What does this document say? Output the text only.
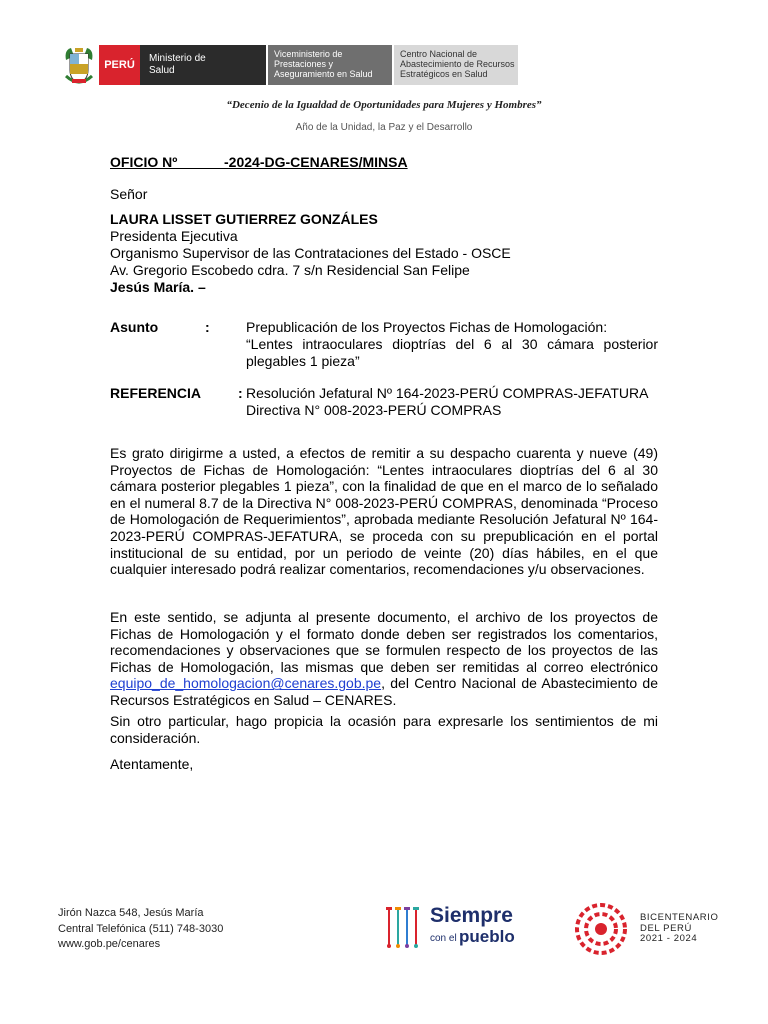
PERÚ
Ministerio de Salud
Viceministerio de Prestaciones y Aseguramiento en Salud
Centro Nacional de Abastecimiento de Recursos Estratégicos en Salud
“Decenio de la Igualdad de Oportunidades para Mujeres y Hombres”
Año de la Unidad, la Paz y el Desarrollo
OFICIO Nº            -2024-DG-CENARES/MINSA
Señor
LAURA LISSET GUTIERREZ GONZÁLES
Presidenta Ejecutiva
Organismo Supervisor de las Contrataciones del Estado - OSCE
Av. Gregorio Escobedo cdra. 7 s/n Residencial San Felipe
Jesús María. –
Asunto	:	Prepublicación de los Proyectos Fichas de Homologación:
“Lentes intraoculares dioptrías del 6 al 30 cámara posterior
plegables 1 pieza”
REFERENCIA	: Resolución Jefatural Nº 164-2023-PERÚ COMPRAS-JEFATURA
Directiva N° 008-2023-PERÚ COMPRAS
Es grato dirigirme a usted, a efectos de remitir a su despacho cuarenta y nueve (49) Proyectos de Fichas de Homologación: “Lentes intraoculares dioptrías del 6 al 30 cámara posterior plegables 1 pieza”, con la finalidad de que en el marco de lo señalado en el numeral 8.7 de la Directiva N° 008-2023-PERÚ COMPRAS, denominada “Proceso de Homologación de Requerimientos”, aprobada mediante Resolución Jefatural Nº 164-2023-PERÚ COMPRAS-JEFATURA, se proceda con su prepublicación en el portal institucional de su entidad, por un periodo de veinte (20) días hábiles, en el que cualquier interesado podrá realizar comentarios, recomendaciones y/u observaciones.
En este sentido, se adjunta al presente documento, el archivo de los proyectos de Fichas de Homologación y el formato donde deben ser registrados los comentarios, recomendaciones y observaciones que se formulen respecto de los proyectos de las Fichas de Homologación, las mismas que deben ser remitidas al correo electrónico equipo_de_homologacion@cenares.gob.pe, del Centro Nacional de Abastecimiento de Recursos Estratégicos en Salud – CENARES.
Sin otro particular, hago propicia la ocasión para expresarle los sentimientos de mi consideración.
Atentamente,
Jirón Nazca 548, Jesús María
Central Telefónica (511) 748-3030
www.gob.pe/cenares
Siempre
con el pueblo
BICENTENARIO
DEL PERÚ
2021 - 2024
